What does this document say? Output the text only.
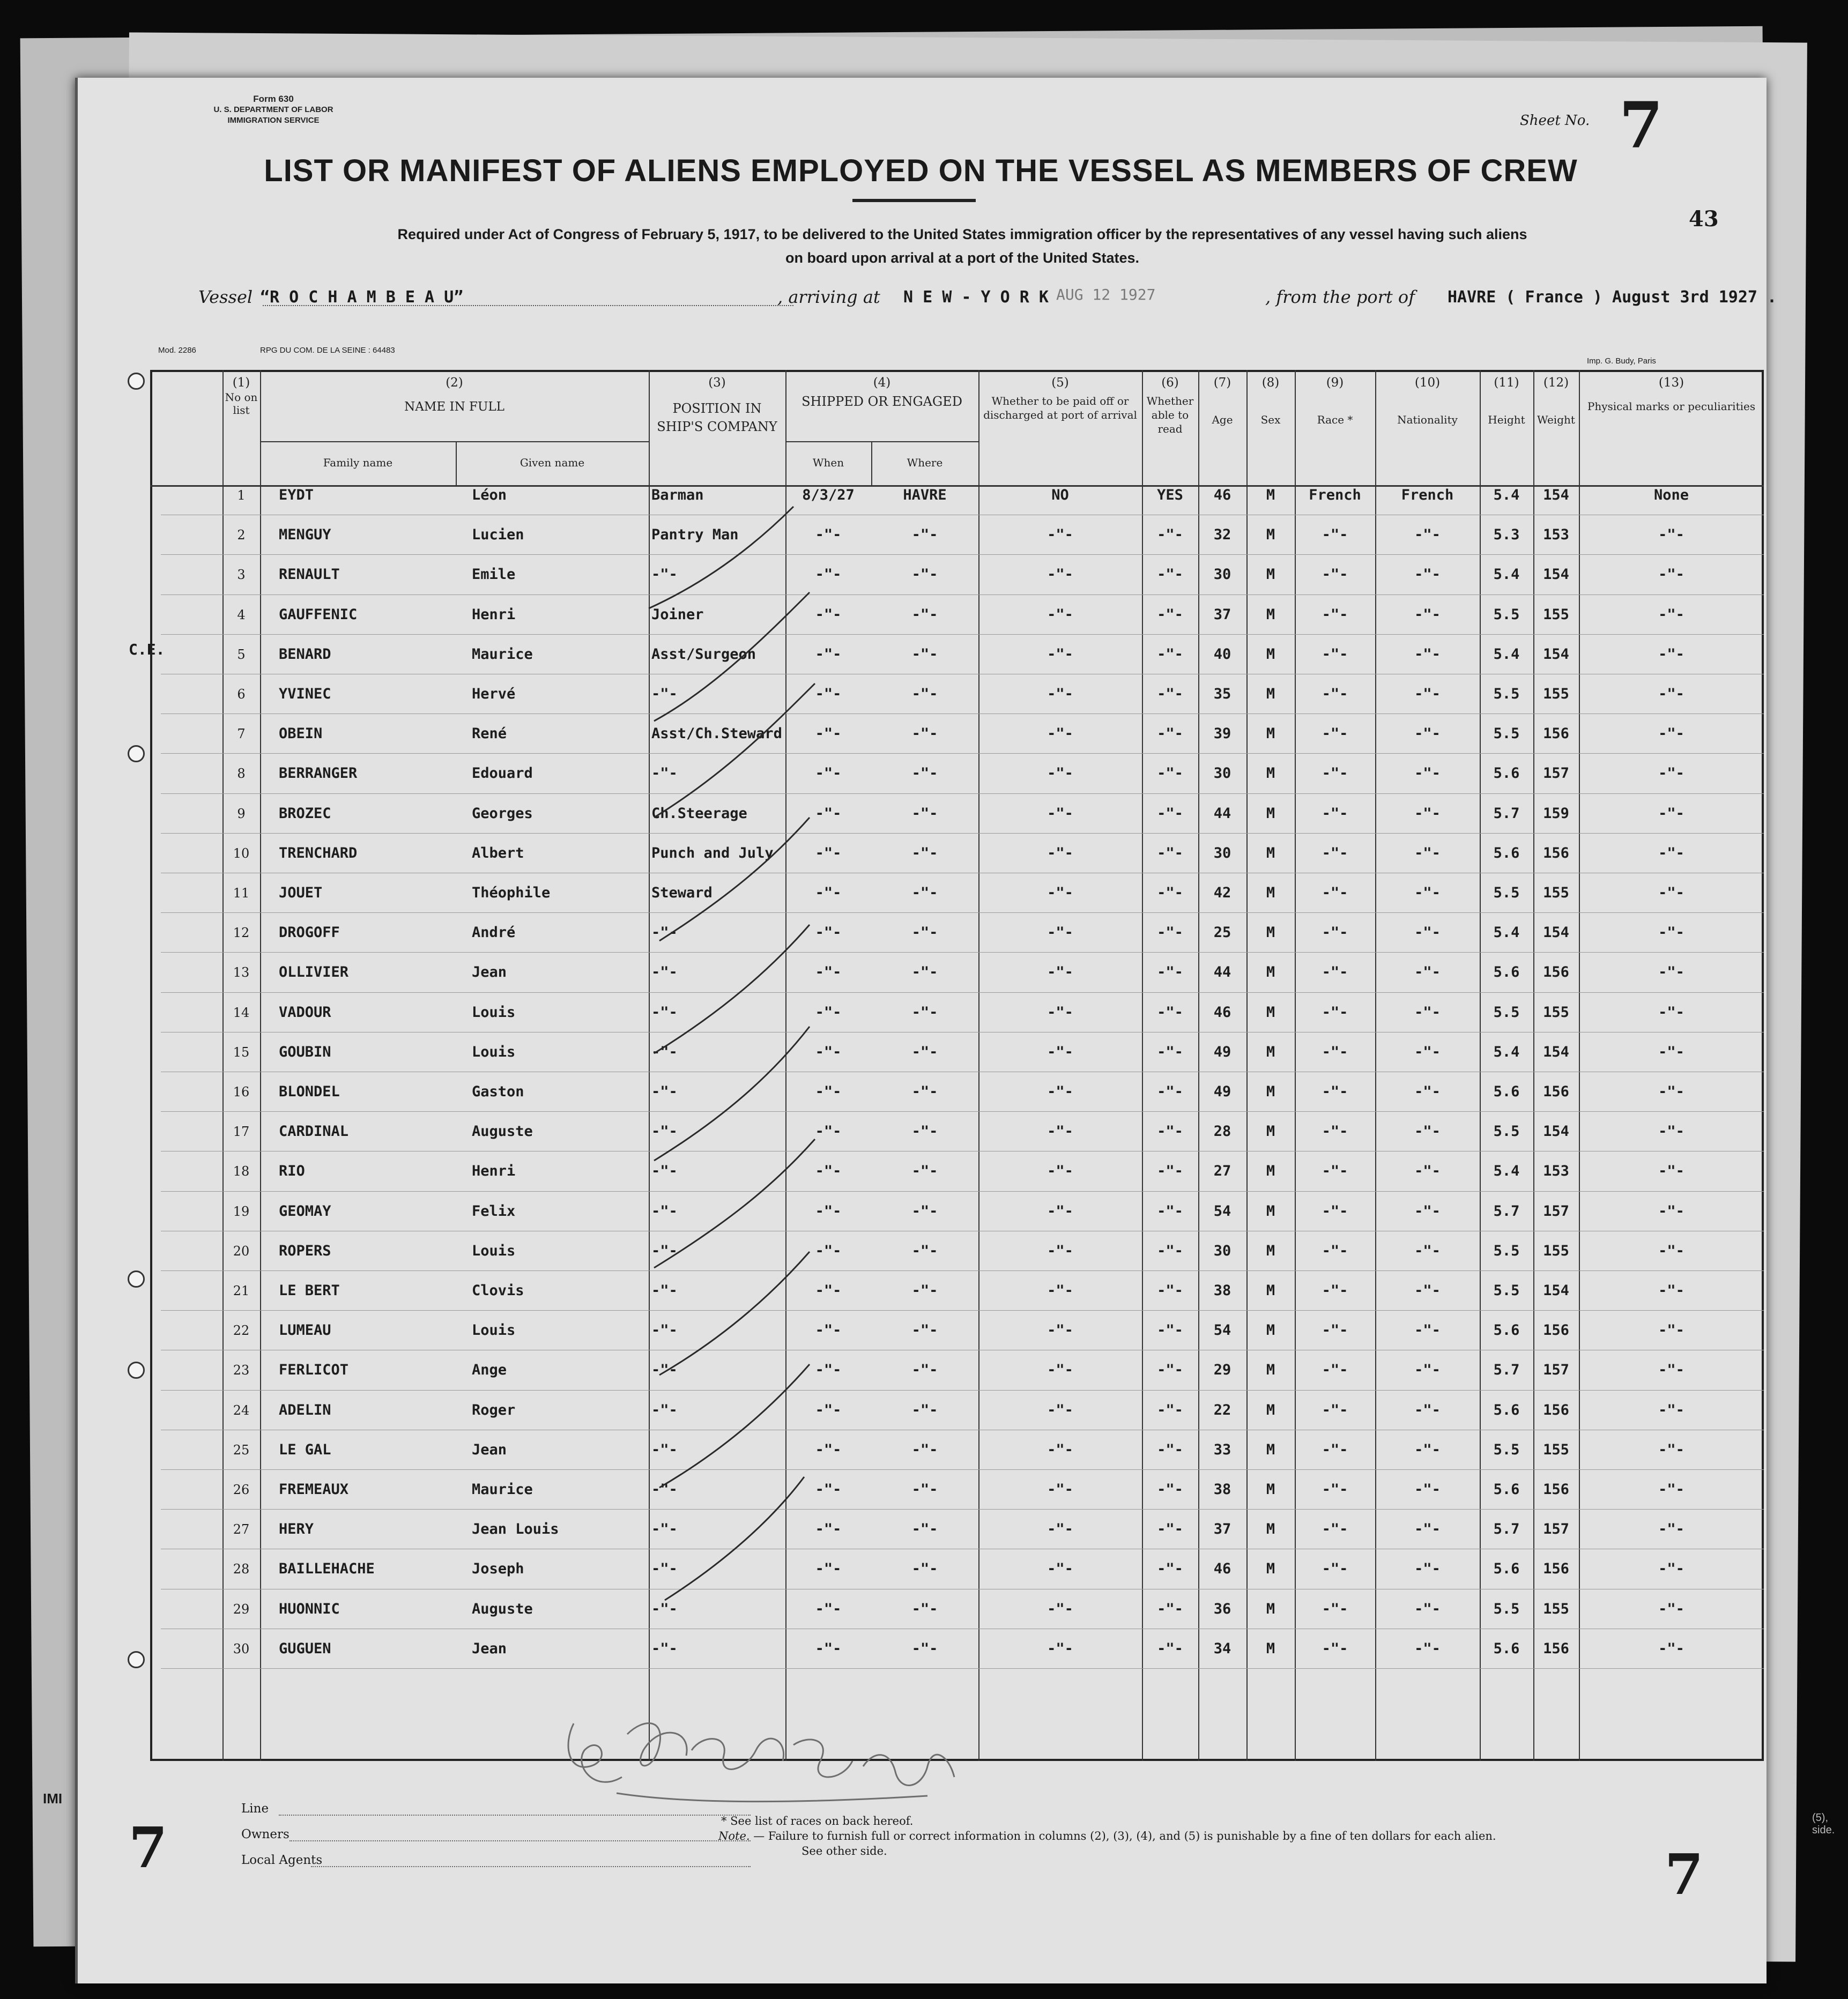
Form 630
U. S. DEPARTMENT OF LABOR
IMMIGRATION SERVICE	Sheet No. 7
43
LIST OR MANIFEST OF ALIENS EMPLOYED ON THE VESSEL AS MEMBERS OF CREW
Required under Act of Congress of February 5, 1917, to be delivered to the United States immigration officer by the representatives of any vessel having such aliens
on board upon arrival at a port of the United States.
Vessel “R O C H A M B E A U”	, arriving at N E W - Y O R K AUG 12 1927	, from the port of HAVRE ( France ) August 3rd 1927 .
Mod. 2286	RPG DU COM. DE LA SEINE : 64483
Imp. G. Budy, Paris
C.E.
(1)
No on list
(2)
NAME IN FULL
Family name	Given name
(3)
POSITION IN SHIP'S COMPANY
(4)
SHIPPED OR ENGAGED
When	Where
(5)
Whether to be paid off or discharged at port of arrival
(6)
Whether able to read
(7)
Age
(8)
Sex
(9)
Race *
(10)
Nationality
(11)
Height
(12)
Weight
(13)
Physical marks or peculiarities
1	EYDT	Léon	Barman	8/3/27	HAVRE	NO	YES	46	M	French	French	5.4	154	None
2	MENGUY	Lucien	Pantry Man	-"-	-"-	-"-	-"-	32	M	-"-	-"-	5.3	153	-"-
3	RENAULT	Emile	-"-	-"-	-"-	-"-	-"-	30	M	-"-	-"-	5.4	154	-"-
4	GAUFFENIC	Henri	Joiner	-"-	-"-	-"-	-"-	37	M	-"-	-"-	5.5	155	-"-
5	BENARD	Maurice	Asst/Surgeon	-"-	-"-	-"-	-"-	40	M	-"-	-"-	5.4	154	-"-
6	YVINEC	Hervé	-"-	-"-	-"-	-"-	-"-	35	M	-"-	-"-	5.5	155	-"-
7	OBEIN	René	Asst/Ch.Steward	-"-	-"-	-"-	-"-	39	M	-"-	-"-	5.5	156	-"-
8	BERRANGER	Edouard	-"-	-"-	-"-	-"-	-"-	30	M	-"-	-"-	5.6	157	-"-
9	BROZEC	Georges	Ch.Steerage	-"-	-"-	-"-	-"-	44	M	-"-	-"-	5.7	159	-"-
10	TRENCHARD	Albert	Punch and July	-"-	-"-	-"-	-"-	30	M	-"-	-"-	5.6	156	-"-
11	JOUET	Théophile	Steward	-"-	-"-	-"-	-"-	42	M	-"-	-"-	5.5	155	-"-
12	DROGOFF	André	-"-	-"-	-"-	-"-	-"-	25	M	-"-	-"-	5.4	154	-"-
13	OLLIVIER	Jean	-"-	-"-	-"-	-"-	-"-	44	M	-"-	-"-	5.6	156	-"-
14	VADOUR	Louis	-"-	-"-	-"-	-"-	-"-	46	M	-"-	-"-	5.5	155	-"-
15	GOUBIN	Louis	-"-	-"-	-"-	-"-	-"-	49	M	-"-	-"-	5.4	154	-"-
16	BLONDEL	Gaston	-"-	-"-	-"-	-"-	-"-	49	M	-"-	-"-	5.6	156	-"-
17	CARDINAL	Auguste	-"-	-"-	-"-	-"-	-"-	28	M	-"-	-"-	5.5	154	-"-
18	RIO	Henri	-"-	-"-	-"-	-"-	-"-	27	M	-"-	-"-	5.4	153	-"-
19	GEOMAY	Felix	-"-	-"-	-"-	-"-	-"-	54	M	-"-	-"-	5.7	157	-"-
20	ROPERS	Louis	-"-	-"-	-"-	-"-	-"-	30	M	-"-	-"-	5.5	155	-"-
21	LE BERT	Clovis	-"-	-"-	-"-	-"-	-"-	38	M	-"-	-"-	5.5	154	-"-
22	LUMEAU	Louis	-"-	-"-	-"-	-"-	-"-	54	M	-"-	-"-	5.6	156	-"-
23	FERLICOT	Ange	-"-	-"-	-"-	-"-	-"-	29	M	-"-	-"-	5.7	157	-"-
24	ADELIN	Roger	-"-	-"-	-"-	-"-	-"-	22	M	-"-	-"-	5.6	156	-"-
25	LE GAL	Jean	-"-	-"-	-"-	-"-	-"-	33	M	-"-	-"-	5.5	155	-"-
26	FREMEAUX	Maurice	-"-	-"-	-"-	-"-	-"-	38	M	-"-	-"-	5.6	156	-"-
27	HERY	Jean Louis	-"-	-"-	-"-	-"-	-"-	37	M	-"-	-"-	5.7	157	-"-
28	BAILLEHACHE	Joseph	-"-	-"-	-"-	-"-	-"-	46	M	-"-	-"-	5.6	156	-"-
29	HUONNIC	Auguste	-"-	-"-	-"-	-"-	-"-	36	M	-"-	-"-	5.5	155	-"-
30	GUGUEN	Jean	-"-	-"-	-"-	-"-	-"-	34	M	-"-	-"-	5.6	156	-"-
Line
Owners
Local Agents
* See list of races on back hereof.
Note. — Failure to furnish full or correct information in columns (2), (3), (4), and (5) is punishable by a fine of ten dollars for each alien.
See other side.
7	7
IMI
(5),
side.
